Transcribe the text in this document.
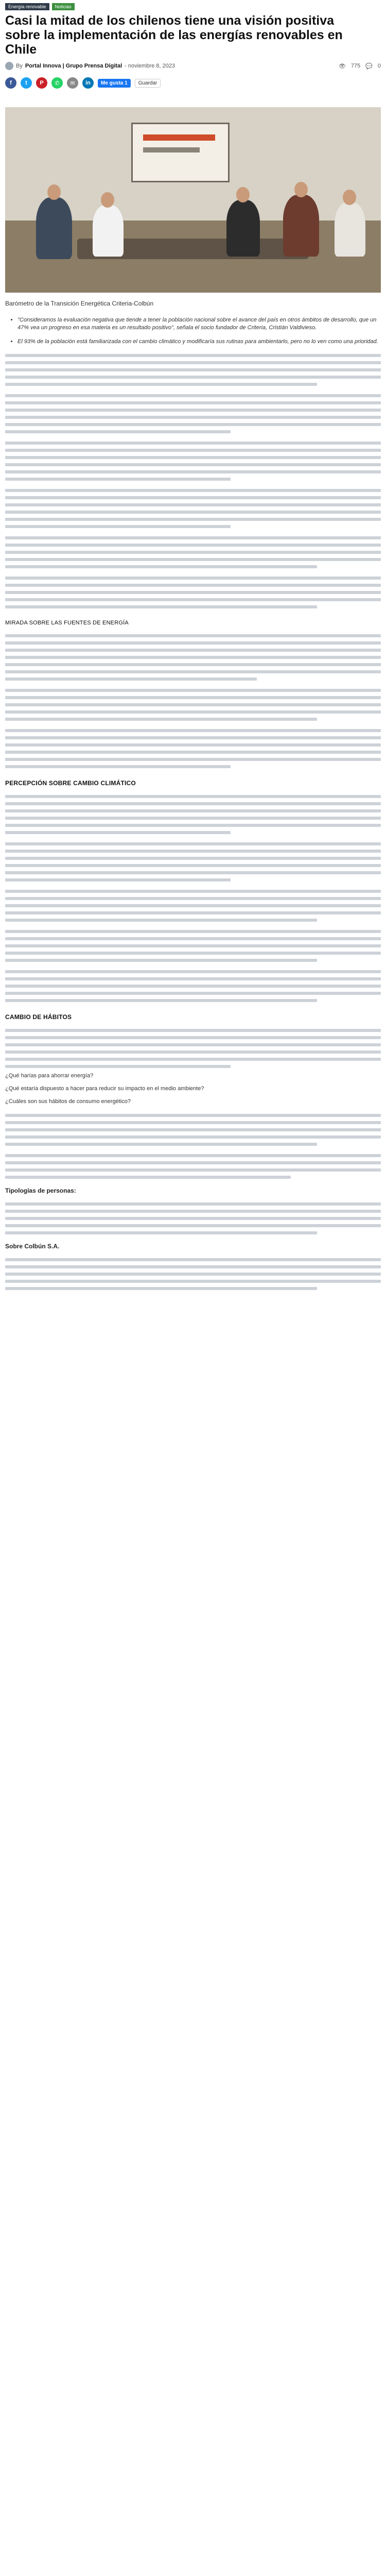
Energía renovable	Noticias
Casi la mitad de los chilenos tiene una visión positiva sobre la implementación de las energías renovables en Chile
By Portal Innova | Grupo Prensa Digital - noviembre 8, 2023	👁 775 💬 0
f	t	P	✆	✉	in	Me gusta 1	Guardar
Barómetro de la Transición Energética Criteria-Colbún
• "Consideramos la evaluación negativa que tiende a tener la población nacional sobre el avance del país en otros ámbitos de desarrollo, que un 47% vea un progreso en esa materia es un resultado positivo", señala el socio fundador de Criteria, Cristián Valdivieso.
• El 93% de la población está familiarizada con el cambio climático y modificaría sus rutinas para ambientarlo, pero no lo ven como una prioridad.
MIRADA SOBRE LAS FUENTES DE ENERGÍA
PERCEPCIÓN SOBRE CAMBIO CLIMÁTICO
CAMBIO DE HÁBITOS
¿Qué harías para ahorrar energía?
¿Qué estaría dispuesto a hacer para reducir su impacto en el medio ambiente?
¿Cuáles son sus hábitos de consumo energético?
Tipologías de personas:
Sobre Colbún S.A.
